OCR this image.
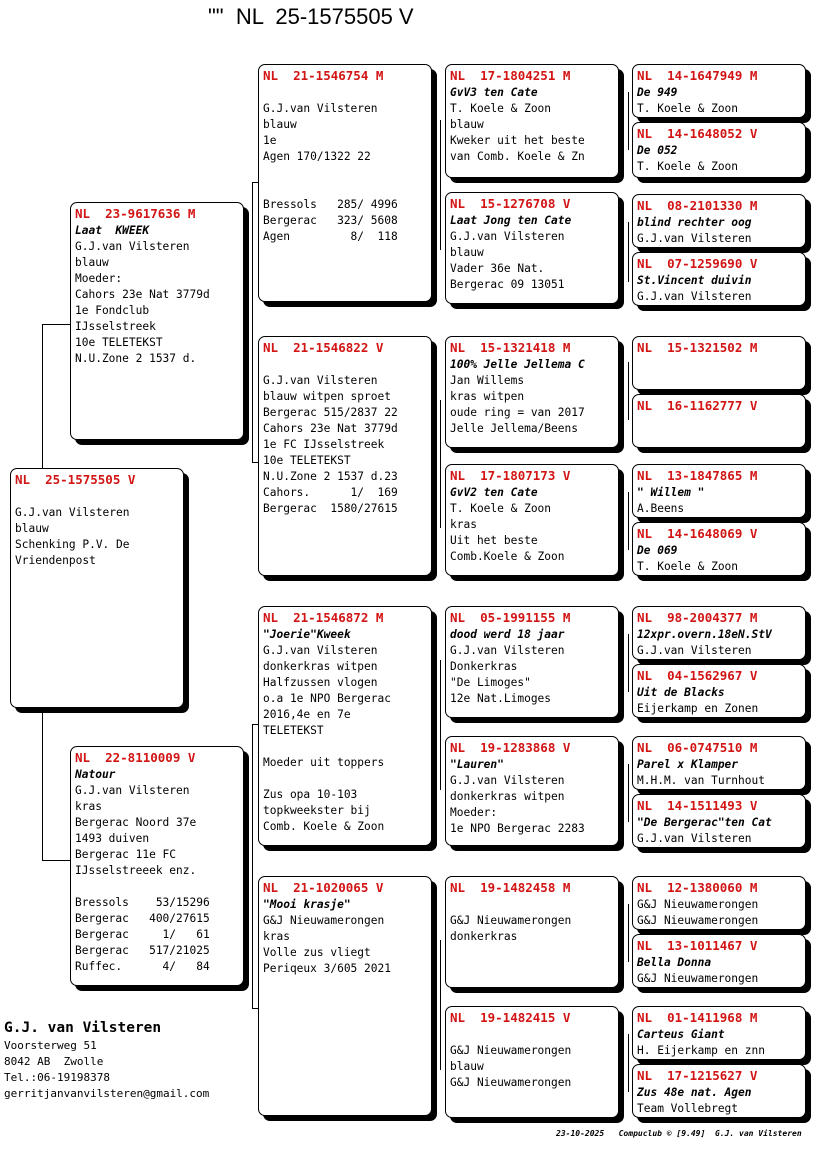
""  NL  25-1575505 V
NL  25-1575505 V
G.J.van Vilsteren
blauw
Schenking P.V. De
Vriendenpost
NL  23-9617636 M
Laat  KWEEK
G.J.van Vilsteren
blauw
Moeder:
Cahors 23e Nat 3779d
1e Fondclub
IJsselstreek
10e TELETEKST
N.U.Zone 2 1537 d.
NL  22-8110009 V
Natour
G.J.van Vilsteren
kras
Bergerac Noord 37e
1493 duiven
Bergerac 11e FC
IJsselstreeek enz.
Bressols    53/15296
Bergerac   400/27615
Bergerac     1/   61
Bergerac   517/21025
Ruffec.      4/   84
NL  21-1546754 M
G.J.van Vilsteren
blauw
1e
Agen 170/1322 22
Bressols   285/ 4996
Bergerac   323/ 5608
Agen         8/  118
NL  21-1546822 V
G.J.van Vilsteren
blauw witpen sproet
Bergerac 515/2837 22
Cahors 23e Nat 3779d
1e FC IJsselstreek
10e TELETEKST
N.U.Zone 2 1537 d.23
Cahors.      1/  169
Bergerac  1580/27615
NL  21-1546872 M
"Joerie"Kweek
G.J.van Vilsteren
donkerkras witpen
Halfzussen vlogen
o.a 1e NPO Bergerac
2016,4e en 7e
TELETEKST
Moeder uit toppers
Zus opa 10-103
topkweekster bij
Comb. Koele & Zoon
NL  21-1020065 V
"Mooi krasje"
G&J Nieuwamerongen
kras
Volle zus vliegt
Periqeux 3/605 2021
NL  17-1804251 M
GvV3 ten Cate
T. Koele & Zoon
blauw
Kweker uit het beste
van Comb. Koele & Zn
NL  15-1276708 V
Laat Jong ten Cate
G.J.van Vilsteren
blauw
Vader 36e Nat.
Bergerac 09 13051
NL  15-1321418 M
100% Jelle Jellema C
Jan Willems
kras witpen
oude ring = van 2017
Jelle Jellema/Beens
NL  17-1807173 V
GvV2 ten Cate
T. Koele & Zoon
kras
Uit het beste
Comb.Koele & Zoon
NL  05-1991155 M
dood werd 18 jaar
G.J.van Vilsteren
Donkerkras
"De Limoges"
12e Nat.Limoges
NL  19-1283868 V
"Lauren"
G.J.van Vilsteren
donkerkras witpen
Moeder:
1e NPO Bergerac 2283
NL  19-1482458 M
G&J Nieuwamerongen
donkerkras
NL  19-1482415 V
G&J Nieuwamerongen
blauw
G&J Nieuwamerongen
NL  14-1647949 M
De 949
T. Koele & Zoon
NL  14-1648052 V
De 052
T. Koele & Zoon
NL  08-2101330 M
blind rechter oog
G.J.van Vilsteren
NL  07-1259690 V
St.Vincent duivin
G.J.van Vilsteren
NL  15-1321502 M
NL  16-1162777 V
NL  13-1847865 M
" Willem "
A.Beens
NL  14-1648069 V
De 069
T. Koele & Zoon
NL  98-2004377 M
12xpr.overn.18eN.StV
G.J.van Vilsteren
NL  04-1562967 V
Uit de Blacks
Eijerkamp en Zonen
NL  06-0747510 M
Parel x Klamper
M.H.M. van Turnhout
NL  14-1511493 V
"De Bergerac"ten Cat
G.J.van Vilsteren
NL  12-1380060 M
G&J Nieuwamerongen
G&J Nieuwamerongen
NL  13-1011467 V
Bella Donna
G&J Nieuwamerongen
NL  01-1411968 M
Carteus Giant
H. Eijerkamp en znn
NL  17-1215627 V
Zus 48e nat. Agen
Team Vollebregt
G.J. van Vilsteren
Voorsterweg 51
8042 AB  Zwolle
Tel.:06-19198378
gerritjanvanvilsteren@gmail.com
23-10-2025   Compuclub © [9.49]  G.J. van Vilsteren
